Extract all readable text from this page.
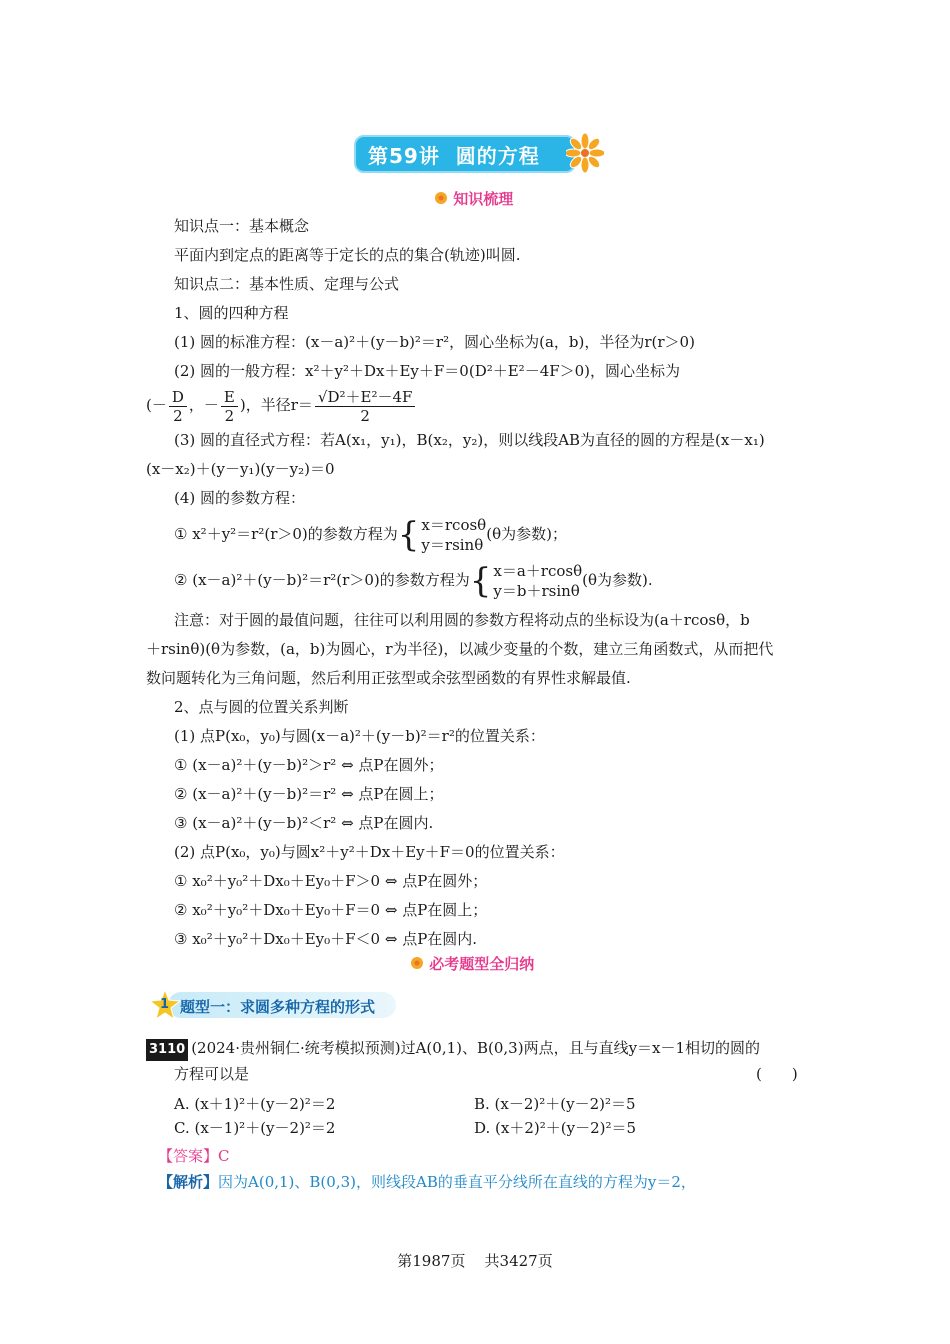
第59讲 圆的方程
知识梳理
知识点一：基本概念
平面内到定点的距离等于定长的点的集合(轨迹)叫圆.
知识点二：基本性质、定理与公式
1、圆的四种方程
(1) 圆的标准方程：(x－a)²＋(y－b)²＝r²，圆心坐标为(a，b)，半径为r(r＞0)
(2) 圆的一般方程：x²＋y²＋Dx＋Ey＋F＝0(D²＋E²－4F＞0)，圆心坐标为
(－ $\frac{D}{2}$ ，－ $\frac{E}{2}$ )，半径$r= \frac{\text{√D²＋E²－4F}}{2}$
(3) 圆的直径式方程：若A(x₁，y₁)，B(x₂，y₂)，则以线段AB为直径的圆的方程是(x－x₁)
(x－x₂)＋(y－y₁)(y－y₂)＝0
(4) 圆的参数方程：
① x²＋y²＝r²(r＞0)的参数方程为{ x＝rcosθ
y＝rsinθ
(θ为参数)；
② (x－a)²＋(y－b)²＝r²(r＞0)的参数方程为{ x＝a＋rcosθ
y＝b＋rsinθ
(θ为参数).
注意：对于圆的最值问题，往往可以利用圆的参数方程将动点的坐标设为(a＋rcosθ，b
＋rsinθ)(θ为参数，(a，b)为圆心，r为半径)，以减少变量的个数，建立三角函数式，从而把代
数问题转化为三角问题，然后利用正弦型或余弦型函数的有界性求解最值.
2、点与圆的位置关系判断
(1) 点P(x₀，y₀)与圆(x－a)²＋(y－b)²＝r²的位置关系：
① (x－a)²＋(y－b)²＞r² ⇔ 点P在圆外；
② (x－a)²＋(y－b)²＝r² ⇔ 点P在圆上；
③ (x－a)²＋(y－b)²＜r² ⇔ 点P在圆内.
(2) 点P(x₀，y₀)与圆x²＋y²＋Dx＋Ey＋F＝0的位置关系：
① x₀²＋y₀²＋Dx₀＋Ey₀＋F＞0 ⇔ 点P在圆外；
② x₀²＋y₀²＋Dx₀＋Ey₀＋F＝0 ⇔ 点P在圆上；
③ x₀²＋y₀²＋Dx₀＋Ey₀＋F＜0 ⇔ 点P在圆内.
必考题型全归纳
1 题型一：求圆多种方程的形式
3110 (2024·贵州铜仁·统考模拟预测)过A(0,1)、B(0,3)两点，且与直线y＝x－1相切的圆的
方程可以是	(　　)
A. (x＋1)²＋(y－2)²＝2	B. (x－2)²＋(y－2)²＝5
C. (x－1)²＋(y－2)²＝2	D. (x＋2)²＋(y－2)²＝5
【答案】C
【解析】因为A(0,1)、B(0,3)，则线段AB的垂直平分线所在直线的方程为y＝2，
第1987页 共3427页
